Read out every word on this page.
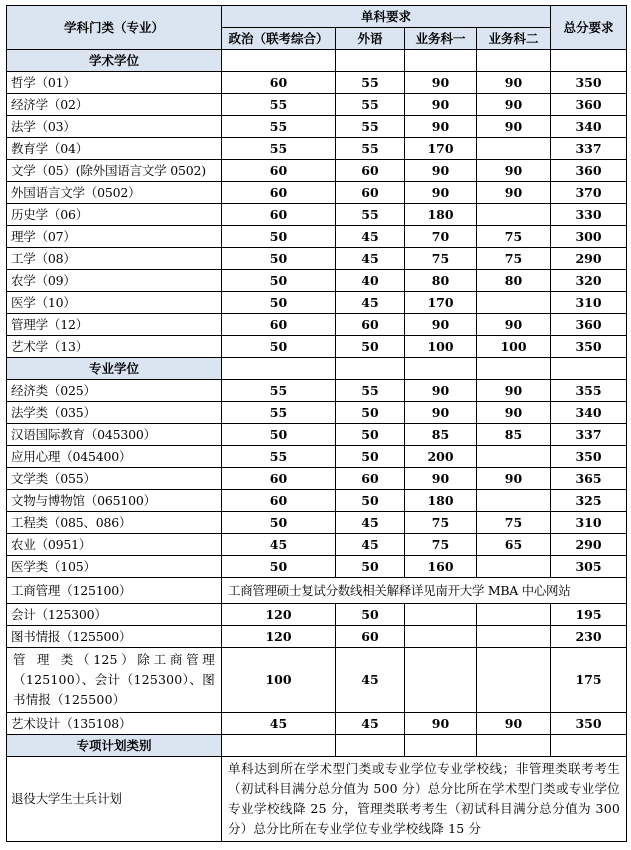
学科门类（专业）	单科要求				总分要求
	政治（联考综合）	外语	业务科一	业务科二	
学术学位					
哲学（01）	60	55	90	90	350
经济学（02）	55	55	90	90	360
法学（03）	55	55	90	90	340
教育学（04）	55	55	170		337
文学（05）(除外国语言文学 0502)	60	60	90	90	360
外国语言文学（0502）	60	60	90	90	370
历史学（06）	60	55	180		330
理学（07）	50	45	70	75	300
工学（08）	50	45	75	75	290
农学（09）	50	40	80	80	320
医学（10）	50	45	170		310
管理学（12）	60	60	90	90	360
艺术学（13）	50	50	100	100	350
专业学位					
经济类（025）	55	55	90	90	355
法学类（035）	55	50	90	90	340
汉语国际教育（045300）	50	50	85	85	337
应用心理（045400）	55	50	200		350
文学类（055）	60	60	90	90	365
文物与博物馆（065100）	60	50	180		325
工程类（085、086）	50	45	75	75	310
农业（0951）	45	45	75	65	290
医学类（105）	50	50	160		305
工商管理（125100）	工商管理硕士复试分数线相关解释详见南开大学 MBA 中心网站				
会计（125300）	120	50			195
图书情报（125500）	120	60			230
管 理 类（125）除工商管理（125100）、会计（125300）、图书情报（125500）	100	45			175
艺术设计（135108）	45	45	90	90	350
专项计划类别					
退役大学生士兵计划	单科达到所在学术型门类或专业学位专业学校线；非管理类联考考生（初试科目满分总分值为 500 分）总分比所在学术型门类或专业学位专业学校线降 25 分，管理类联考考生（初试科目满分总分值为 300 分）总分比所在专业学位专业学校线降 15 分				
